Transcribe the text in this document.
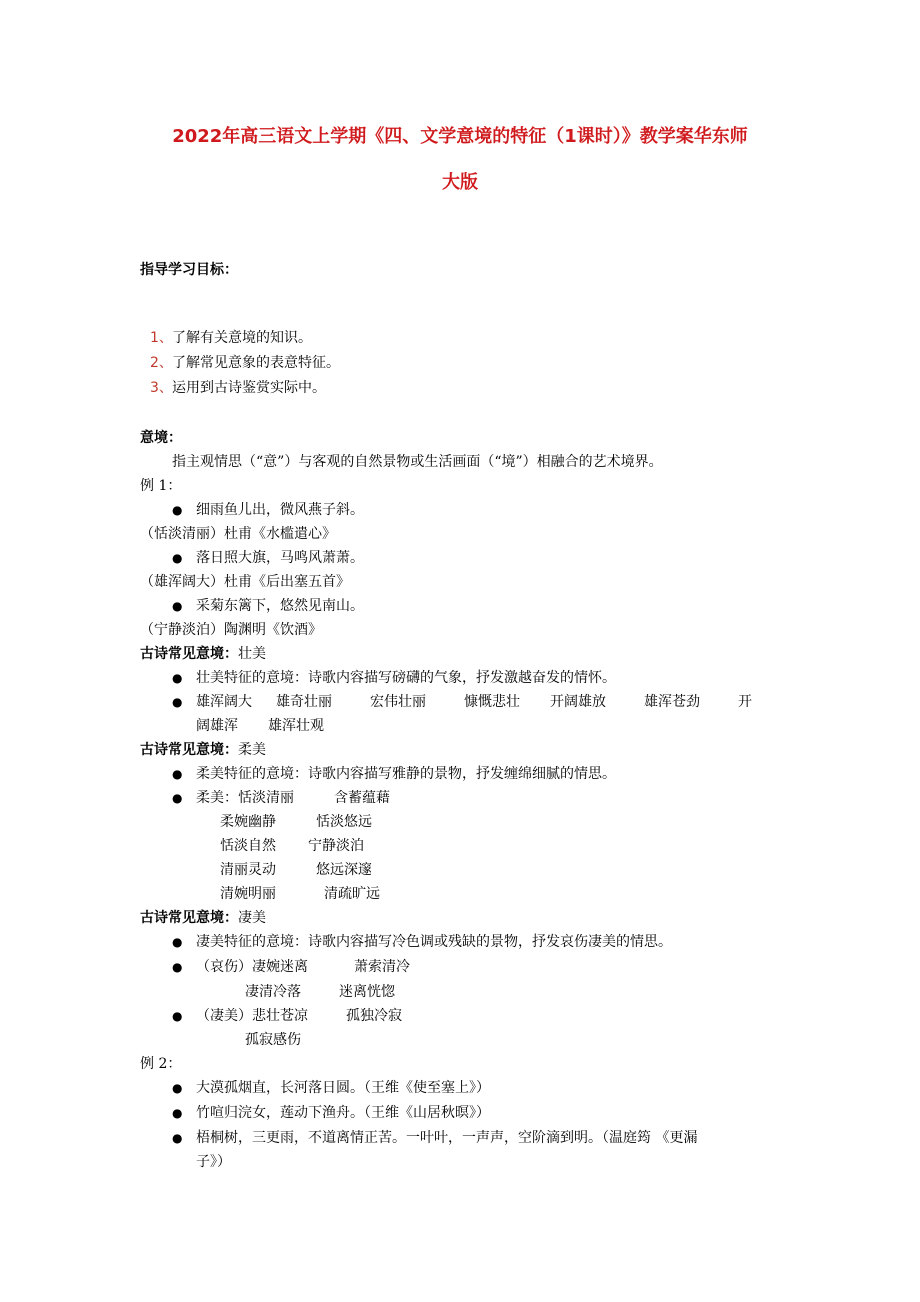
2022年高三语文上学期《四、文学意境的特征（1课时）》教学案华东师
大版
指导学习目标：
1、了解有关意境的知识。
2、了解常见意象的表意特征。
3、运用到古诗鉴赏实际中。
意境：
指主观情思（“意”）与客观的自然景物或生活画面（“境”）相融合的艺术境界。
例 1：
● 细雨鱼儿出，微风燕子斜。
（恬淡清丽）杜甫《水槛遣心》
● 落日照大旗，马鸣风萧萧。
（雄浑阔大）杜甫《后出塞五首》
● 采菊东篱下，悠然见南山。
（宁静淡泊）陶渊明《饮酒》
古诗常见意境：壮美
● 壮美特征的意境：诗歌内容描写磅礴的气象，抒发激越奋发的情怀。
● 雄浑阔大 雄奇壮丽	宏伟壮丽	慷慨悲壮 开阔雄放	雄浑苍劲	开
阔雄浑 雄浑壮观
古诗常见意境：柔美
● 柔美特征的意境：诗歌内容描写雅静的景物，抒发缠绵细腻的情思。
● 柔美：恬淡清丽	含蓄蕴藉
柔婉幽静	恬淡悠远
恬淡自然 宁静淡泊
清丽灵动	悠远深邃
清婉明丽	清疏旷远
古诗常见意境：凄美
● 凄美特征的意境：诗歌内容描写冷色调或残缺的景物，抒发哀伤凄美的情思。
● （哀伤）凄婉迷离	萧索清冷
凄清冷落	迷离恍惚
● （凄美）悲壮苍凉	孤独冷寂
孤寂感伤
例 2：
● 大漠孤烟直，长河落日圆。（王维《使至塞上》）
● 竹喧归浣女，莲动下渔舟。（王维《山居秋暝》）
● 梧桐树，三更雨，不道离情正苦。一叶叶，一声声，空阶滴到明。（温庭筠 《更漏
子》）
